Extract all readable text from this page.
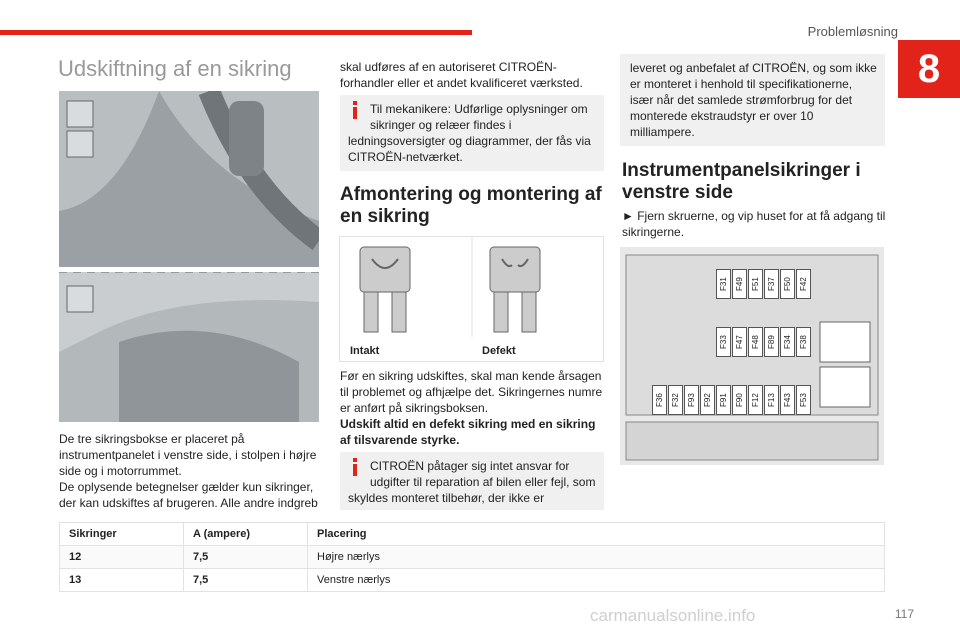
Problemløsning
8
Udskiftning af en sikring

De tre sikringsbokse er placeret på instrumentpanelet i venstre side, i stolpen i højre side og i motorrummet.
De oplysende betegnelser gælder kun sikringer, der kan udskiftes af brugeren. Alle andre indgreb

skal udføres af en autoriseret CITROËN-forhandler eller et andet kvalificeret værksted.

Til mekanikere: Udførlige oplysninger om sikringer og relæer findes i ledningsoversigter og diagrammer, der fås via CITROËN-netværket.
Afmontering og montering af en sikring
Intakt	Defekt

Før en sikring udskiftes, skal man kende årsagen til problemet og afhjælpe det. Sikringernes numre er anført på sikringsboksen.
Udskift altid en defekt sikring med en sikring af tilsvarende styrke.

CITROËN påtager sig intet ansvar for udgifter til reparation af bilen eller fejl, som skyldes monteret tilbehør, der ikke er
leveret og anbefalet af CITROËN, og som ikke er monteret i henhold til specifikationerne, især når det samlede strømforbrug for det monterede ekstraudstyr er over 10 milliampere.
Instrumentpanelsikringer i venstre side

► Fjern skruerne, og vip huset for at få adgang til sikringerne.

F31 F49 F51 F37 F50 F42
F33 F47 F48 F89 F34 F38
F36 F32 F93 F92 F91 F90 F12 F13 F43 F53
Sikringer	A (ampere)	Placering
12	7,5	Højre nærlys
13	7,5	Venstre nærlys
carmanualsonline.info	117
